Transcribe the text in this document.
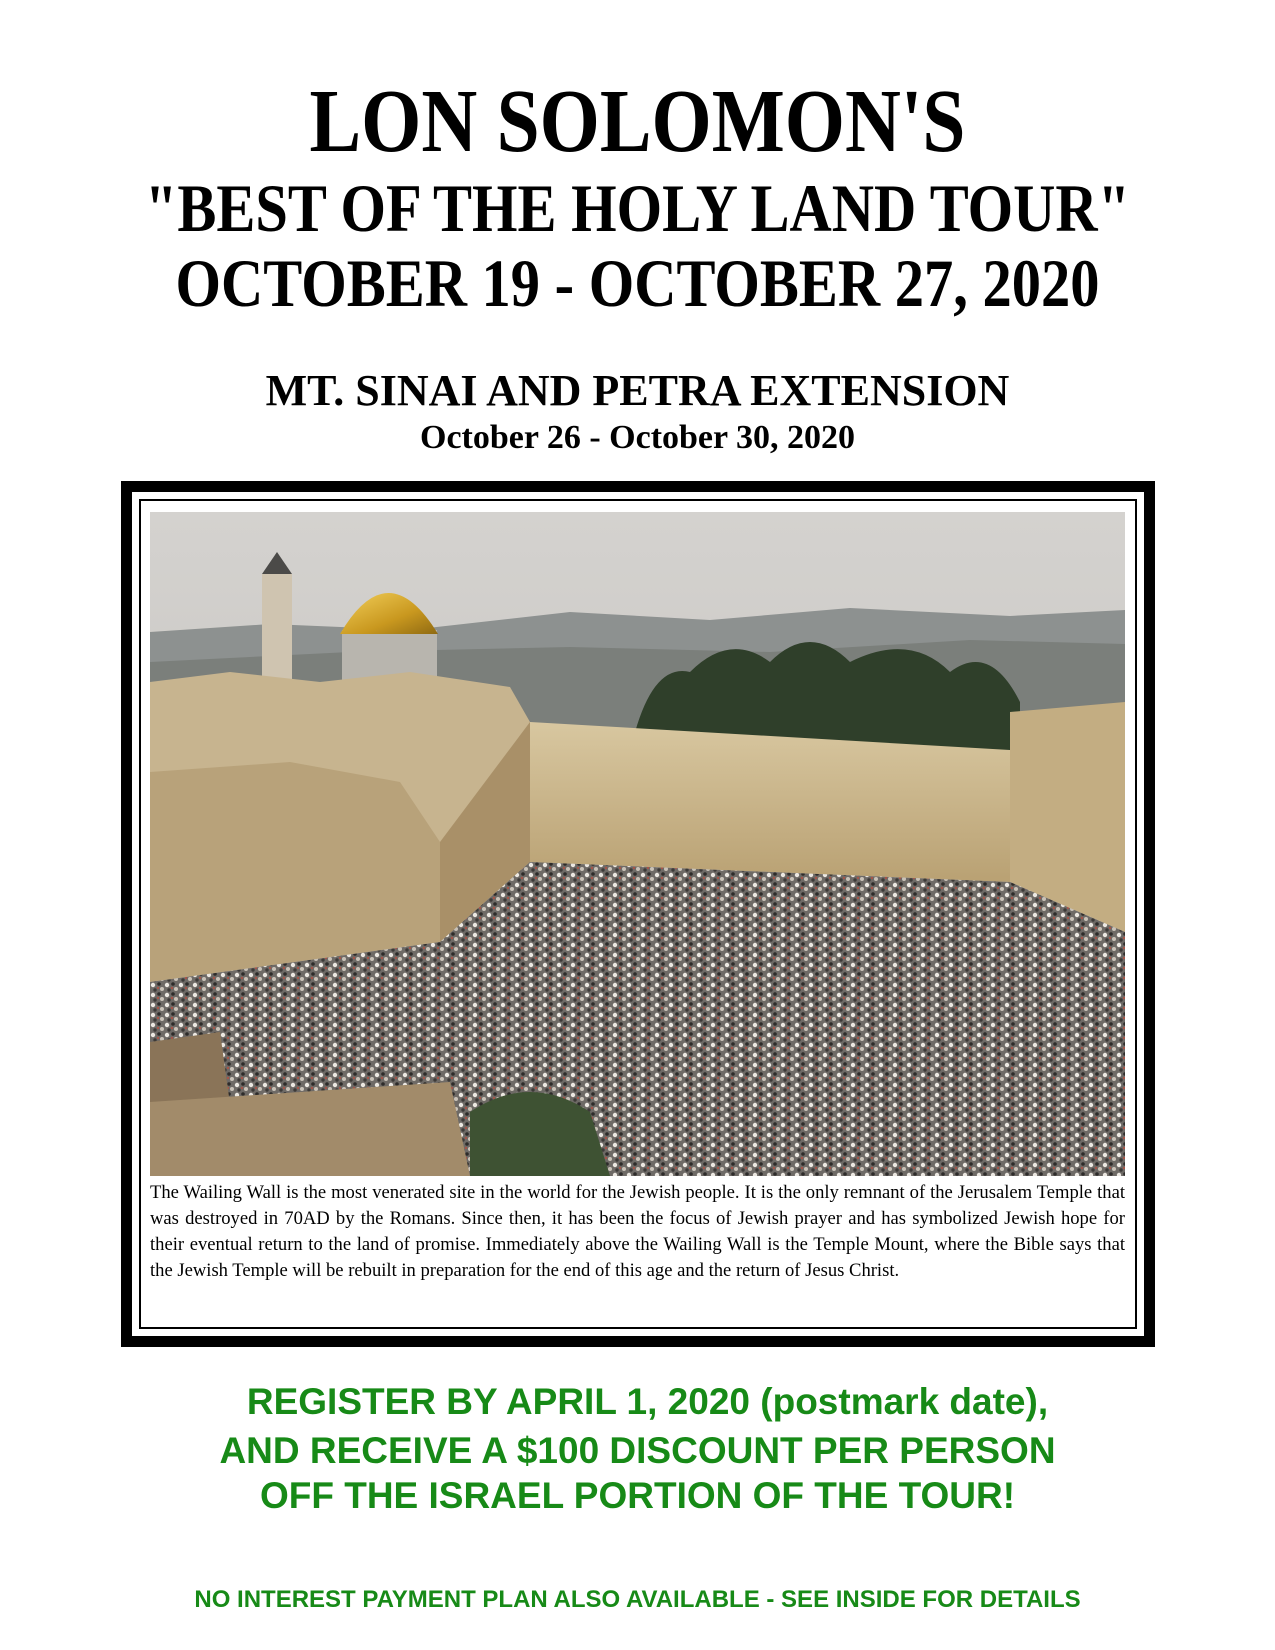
LON SOLOMON'S
"BEST OF THE HOLY LAND TOUR"
OCTOBER 19 - OCTOBER 27, 2020
MT. SINAI AND PETRA EXTENSION
October 26 - October 30, 2020
The Wailing Wall is the most venerated site in the world for the Jewish people. It is the only remnant of the Jerusalem Temple that was destroyed in 70AD by the Romans. Since then, it has been the focus of Jewish prayer and has symbolized Jewish hope for their eventual return to the land of promise. Immediately above the Wailing Wall is the Temple Mount, where the Bible says that the Jewish Temple will be rebuilt in preparation for the end of this age and the return of Jesus Christ.
REGISTER BY APRIL 1, 2020 (postmark date),
AND RECEIVE A $100 DISCOUNT PER PERSON
OFF THE ISRAEL PORTION OF THE TOUR!
NO INTEREST PAYMENT PLAN ALSO AVAILABLE - SEE INSIDE FOR DETAILS
